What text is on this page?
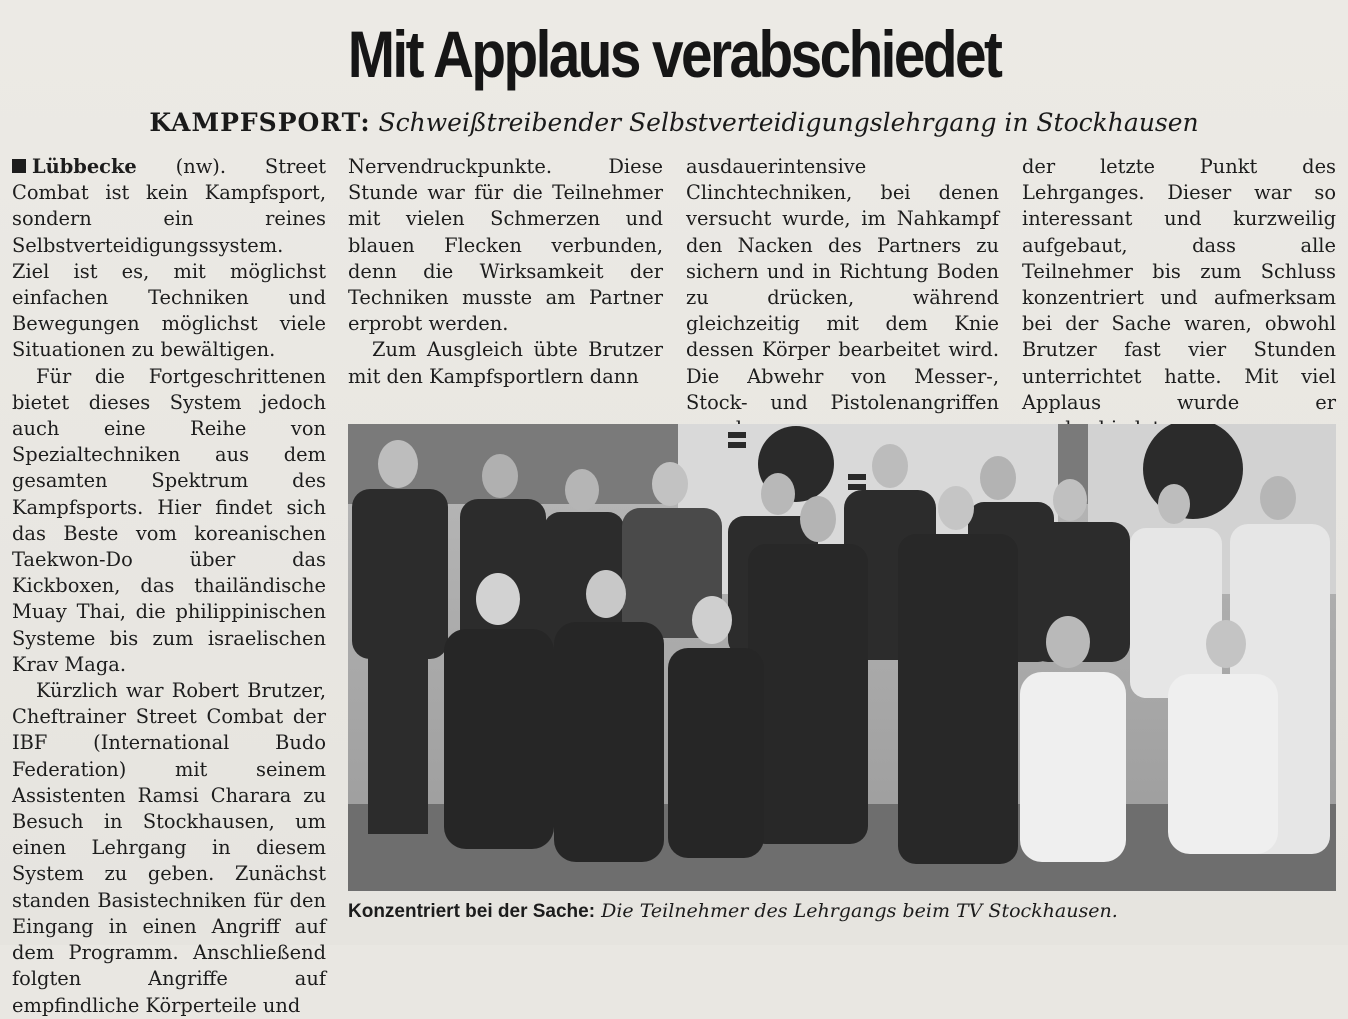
Mit Applaus verabschiedet
KAMPFSPORT: Schweißtreibender Selbstverteidigungslehrgang in Stockhausen

Lübbecke (nw). Street Combat ist kein Kampfsport, sondern ein reines Selbstverteidigungssystem. Ziel ist es, mit möglichst einfachen Techniken und Bewegungen möglichst viele Situationen zu bewältigen.

Für die Fortgeschrittenen bietet dieses System jedoch auch eine Reihe von Spezialtechniken aus dem gesamten Spektrum des Kampfsports. Hier findet sich das Beste vom koreanischen Taekwon-Do über das Kickboxen, das thailändische Muay Thai, die philippinischen Systeme bis zum israelischen Krav Maga.

Kürzlich war Robert Brutzer, Cheftrainer Street Combat der IBF (International Budo Federation) mit seinem Assistenten Ramsi Charara zu Besuch in Stockhausen, um einen Lehrgang in diesem System zu geben. Zunächst standen Basistechniken für den Eingang in einen Angriff auf dem Programm. Anschließend folgten Angriffe auf empfindliche Körperteile und

Nervendruckpunkte. Diese Stunde war für die Teilnehmer mit vielen Schmerzen und blauen Flecken verbunden, denn die Wirksamkeit der Techniken musste am Partner erprobt werden.

Zum Ausgleich übte Brutzer mit den Kampfsportlern dann

ausdauerintensive Clinchtechniken, bei denen versucht wurde, im Nahkampf den Nacken des Partners zu sichern und in Richtung Boden zu drücken, während gleichzeitig mit dem Knie dessen Körper bearbeitet wird. Die Abwehr von Messer-, Stock- und Pistolenangriffen

der letzte Punkt des Lehrganges. Dieser war so interessant und kurzweilig aufgebaut, dass alle Teilnehmer bis zum Schluss konzentriert und aufmerksam bei der Sache waren, obwohl Brutzer fast vier Stunden unterrichtet hatte. Mit viel Applaus wurde er

Konzentriert bei der Sache: Die Teilnehmer des Lehrgangs beim TV Stockhausen.
